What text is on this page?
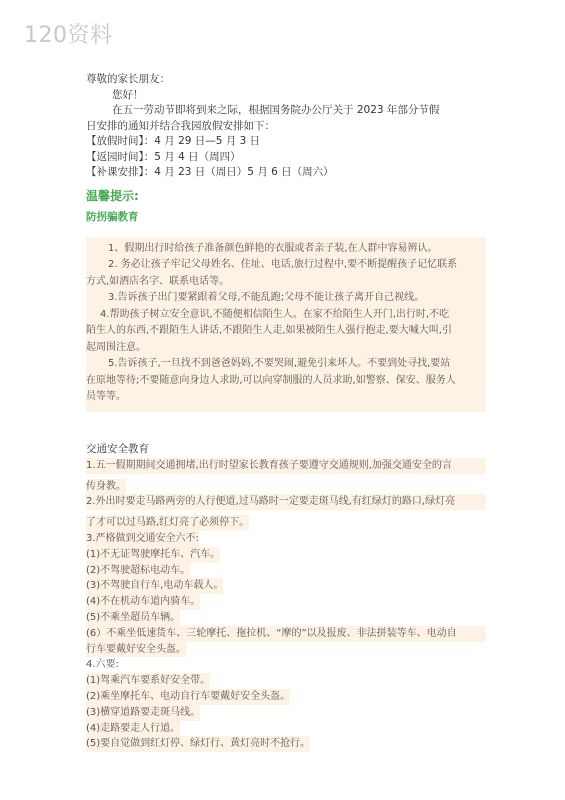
120资料

尊敬的家长朋友：

您好！

在五一劳动节即将到来之际，根据国务院办公厅关于 2023 年部分节假

日安排的通知并结合我园放假安排如下：

【放假时间】：4 月 29 日—5 月 3 日

【返园时间】：5 月 4 日（周四）

【补课安排】：4 月 23 日（周日）5 月 6 日（周六）

温馨提示:
防拐骗教育

1、假期出行时给孩子准备颜色鲜艳的衣服或者亲子装,在人群中容易辨认。

2. 务必让孩子牢记父母姓名、住址、电话,旅行过程中,要不断提醒孩子记忆联系

方式,如酒店名字、联系电话等。

3.告诉孩子出门要紧跟着父母,不能乱跑;父母不能让孩子离开自己视线。

4.帮助孩子树立安全意识,不随便相信陌生人。在家不给陌生人开门,出行时,不吃

陌生人的东西,不跟陌生人讲话,不跟陌生人走,如果被陌生人强行抱走,要大喊大叫,引

起周围注意。

5.告诉孩子,一旦找不到爸爸妈妈,不要哭闹,避免引来坏人。不要到处寻找,要站

在原地等待;不要随意向身边人求助,可以向穿制服的人员求助,如警察、保安、服务人

员等等。

交通安全教育

1.五一假期期间交通拥堵,出行时望家长教育孩子要遵守交通规则,加强交通安全的言

传身教。

2.外出时要走马路两旁的人行便道,过马路时一定要走斑马线,有红绿灯的路口,绿灯亮

了才可以过马路,红灯亮了必须停下。

3.严格做到交通安全六不:

(1)不无证驾驶摩托车、汽车。

(2)不驾驶超标电动车。

(3)不驾驶自行车,电动车载人。

(4)不在机动车道内骑车。

(5)不乘坐超员车辆。

(6）不乘坐低速货车、三轮摩托、拖拉机、“摩的”以及报废、非法拼装等车、电动自

行车要戴好安全头盔。

4.六要:

(1)驾乘汽车要系好安全带。

(2)乘坐摩托车、电动自行车要戴好安全头盔。

(3)横穿道路要走斑马线。

(4)走路要走人行道。

(5)要自觉做到红灯停、绿灯行、黄灯亮时不抢行。
